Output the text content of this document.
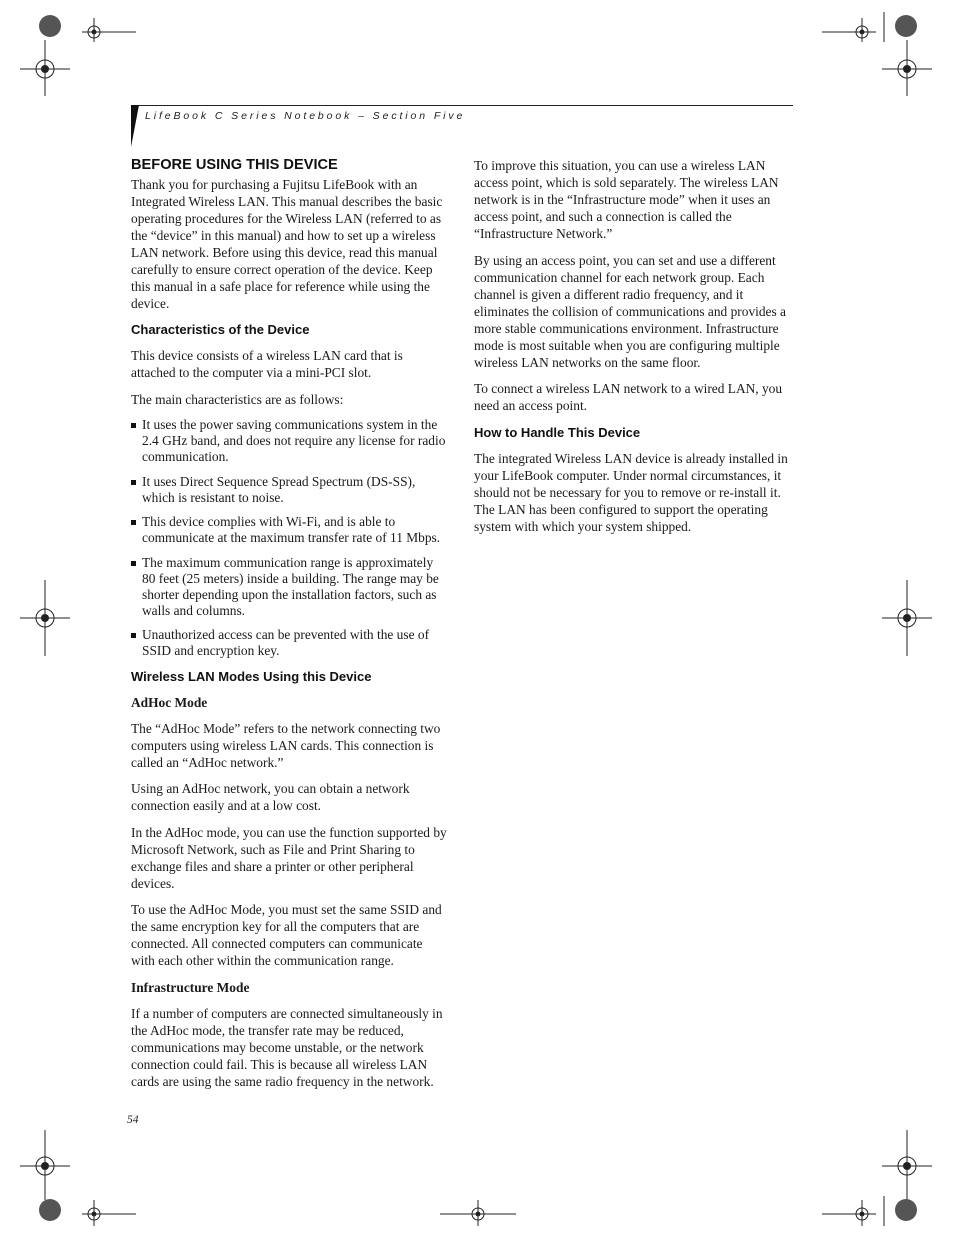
LifeBook C Series Notebook – Section Five
BEFORE USING THIS DEVICE

Thank you for purchasing a Fujitsu LifeBook with an Integrated Wireless LAN. This manual describes the basic operating procedures for the Wireless LAN (referred to as the “device” in this manual) and how to set up a wireless LAN network. Before using this device, read this manual carefully to ensure correct operation of the device. Keep this manual in a safe place for reference while using the device.

Characteristics of the Device

This device consists of a wireless LAN card that is attached to the computer via a mini-PCI slot.

The main characteristics are as follows:

It uses the power saving communications system in the 2.4 GHz band, and does not require any license for radio communication.
It uses Direct Sequence Spread Spectrum (DS-SS), which is resistant to noise.
This device complies with Wi-Fi, and is able to communicate at the maximum transfer rate of 11 Mbps.
The maximum communication range is approximately 80 feet (25 meters) inside a building. The range may be shorter depending upon the installation factors, such as walls and columns.
Unauthorized access can be prevented with the use of SSID and encryption key.
Wireless LAN Modes Using this Device
AdHoc Mode

The “AdHoc Mode” refers to the network connecting two computers using wireless LAN cards. This connection is called an “AdHoc network.”

Using an AdHoc network, you can obtain a network connection easily and at a low cost.

In the AdHoc mode, you can use the function supported by Microsoft Network, such as File and Print Sharing to exchange files and share a printer or other peripheral devices.

To use the AdHoc Mode, you must set the same SSID and the same encryption key for all the computers that are connected. All connected computers can communicate with each other within the communication range.

Infrastructure Mode

If a number of computers are connected simultaneously in the AdHoc mode, the transfer rate may be reduced, communications may become unstable, or the network connection could fail. This is because all wireless LAN cards are using the same radio frequency in the network.

To improve this situation, you can use a wireless LAN access point, which is sold separately. The wireless LAN network is in the “Infrastructure mode” when it uses an access point, and such a connection is called the “Infrastructure Network.”

By using an access point, you can set and use a different communication channel for each network group. Each channel is given a different radio frequency, and it eliminates the collision of communications and provides a more stable communications environment. Infrastructure mode is most suitable when you are configuring multiple wireless LAN networks on the same floor.

To connect a wireless LAN network to a wired LAN, you need an access point.

How to Handle This Device

The integrated Wireless LAN device is already installed in your LifeBook computer. Under normal circumstances, it should not be necessary for you to remove or re-install it. The LAN has been configured to support the operating system with which your system shipped.

54
